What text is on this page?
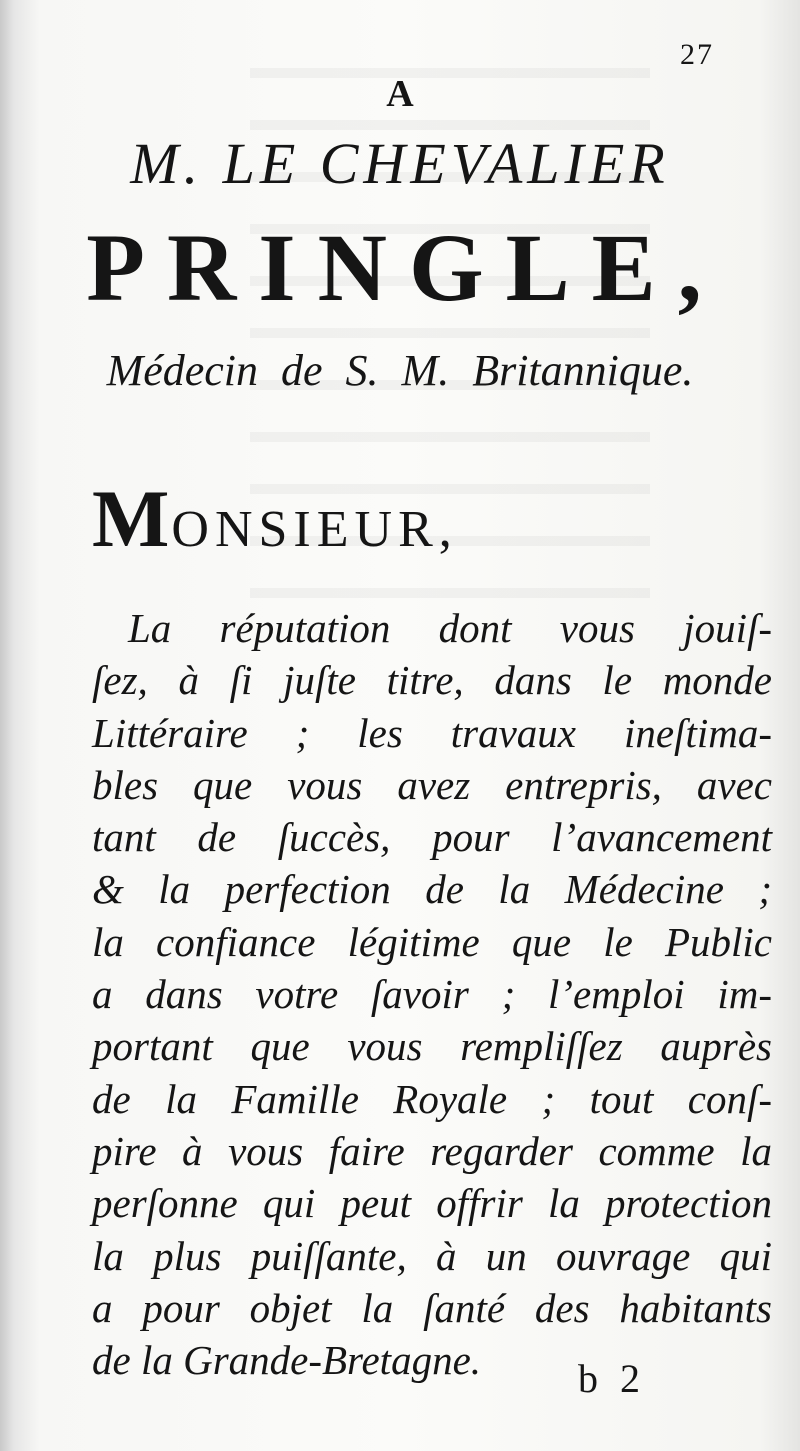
27
A
M. LE CHEVALIER
PRINGLE,
Médecin de S. M. Britannique.
MONSIEUR,
La réputation dont vous jouiſ-
ſez, à ſi juſte titre, dans le monde
Littéraire ; les travaux ineſtima-
bles que vous avez entrepris, avec
tant de ſuccès, pour l’avancement
& la perfection de la Médecine ;
la confiance légitime que le Public
a dans votre ſavoir ; l’emploi im-
portant que vous rempliſſez auprès
de la Famille Royale ; tout conſ-
pire à vous faire regarder comme la
perſonne qui peut offrir la protection
la plus puiſſante, à un ouvrage qui
a pour objet la ſanté des habitants
de la Grande-Bretagne.	b 2
